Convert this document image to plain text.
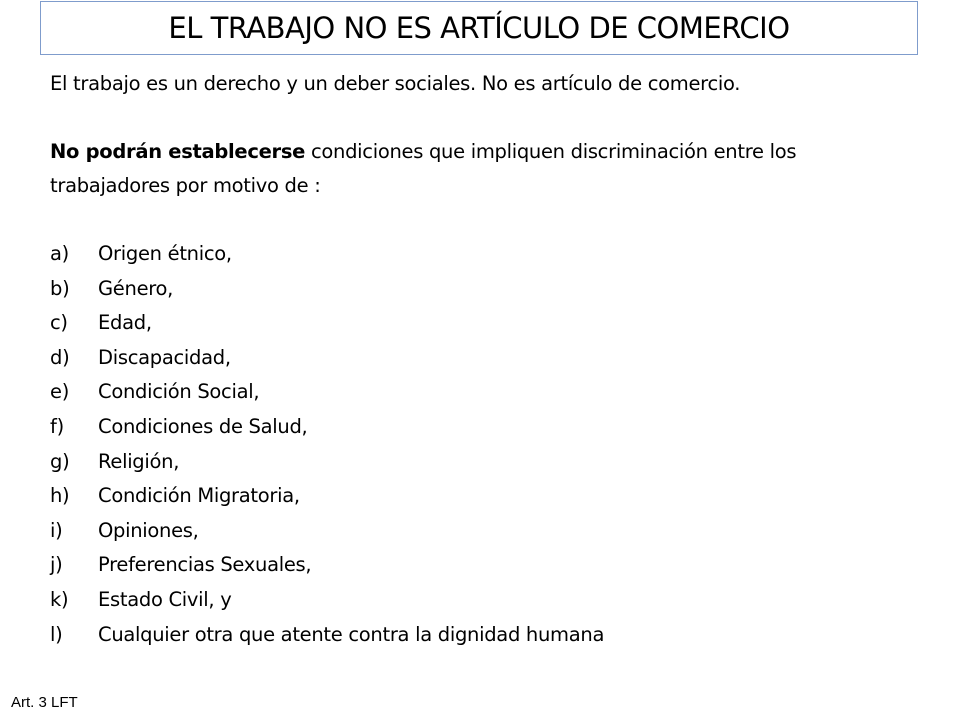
EL TRABAJO NO ES ARTÍCULO DE COMERCIO

El trabajo es un derecho y un deber sociales. No es artículo de comercio.

No podrán establecerse condiciones que impliquen discriminación entre los trabajadores por motivo de :

a)	Origen étnico,
b)	Género,
c)	Edad,
d)	Discapacidad,
e)	Condición Social,
f)	Condiciones de Salud,
g)	Religión,
h)	Condición Migratoria,
i)	Opiniones,
j)	Preferencias Sexuales,
k)	Estado Civil, y
l)	Cualquier otra que atente contra la dignidad humana
Art. 3 LFT
